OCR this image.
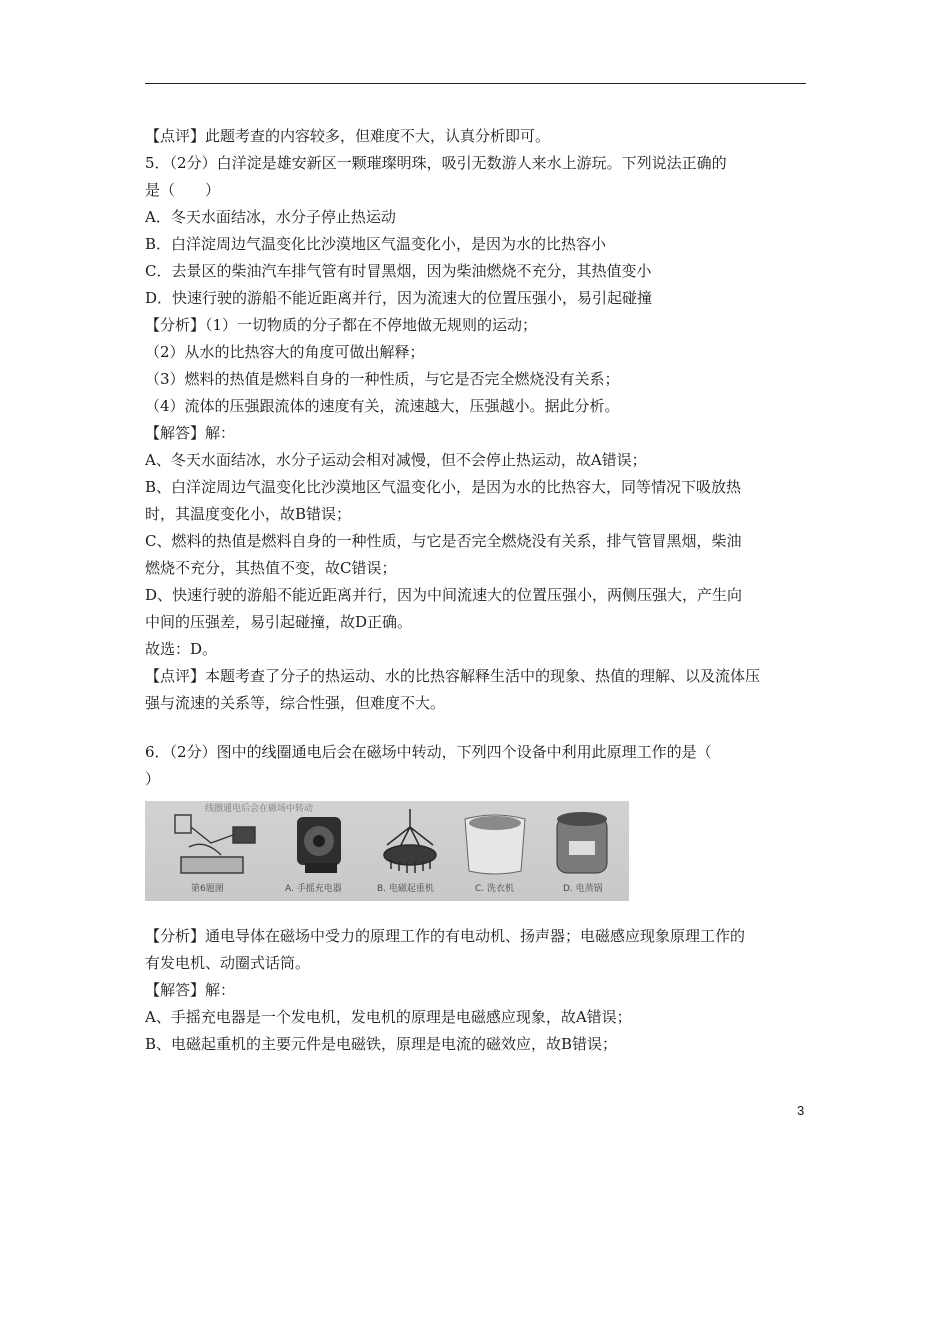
【点评】此题考查的内容较多，但难度不大，认真分析即可。
5．（2分）白洋淀是雄安新区一颗璀璨明珠，吸引无数游人来水上游玩。下列说法正确的
是（　　）
A．冬天水面结冰，水分子停止热运动
B．白洋淀周边气温变化比沙漠地区气温变化小，是因为水的比热容小
C．去景区的柴油汽车排气管有时冒黑烟，因为柴油燃烧不充分，其热值变小
D．快速行驶的游船不能近距离并行，因为流速大的位置压强小，易引起碰撞
【分析】（1）一切物质的分子都在不停地做无规则的运动；
（2）从水的比热容大的角度可做出解释；
（3）燃料的热值是燃料自身的一种性质，与它是否完全燃烧没有关系；
（4）流体的压强跟流体的速度有关，流速越大，压强越小。据此分析。
【解答】解：
A、冬天水面结冰，水分子运动会相对减慢，但不会停止热运动，故A错误；
B、白洋淀周边气温变化比沙漠地区气温变化小，是因为水的比热容大，同等情况下吸放热
时，其温度变化小，故B错误；
C、燃料的热值是燃料自身的一种性质，与它是否完全燃烧没有关系，排气管冒黑烟，柴油
燃烧不充分，其热值不变，故C错误；
D、快速行驶的游船不能近距离并行，因为中间流速大的位置压强小，两侧压强大，产生向
中间的压强差，易引起碰撞，故D正确。
故选：D。
【点评】本题考查了分子的热运动、水的比热容解释生活中的现象、热值的理解、以及流体压
强与流速的关系等，综合性强，但难度不大。
6．（2分）图中的线圈通电后会在磁场中转动，下列四个设备中利用此原理工作的是（
）
线圈通电后会在磁场中转动
第6题图	A. 手摇充电器	B. 电磁起重机	C. 洗衣机	D. 电蒸锅
【分析】通电导体在磁场中受力的原理工作的有电动机、扬声器；电磁感应现象原理工作的
有发电机、动圈式话筒。
【解答】解：
A、手摇充电器是一个发电机，发电机的原理是电磁感应现象，故A错误；
B、电磁起重机的主要元件是电磁铁，原理是电流的磁效应，故B错误；
3
